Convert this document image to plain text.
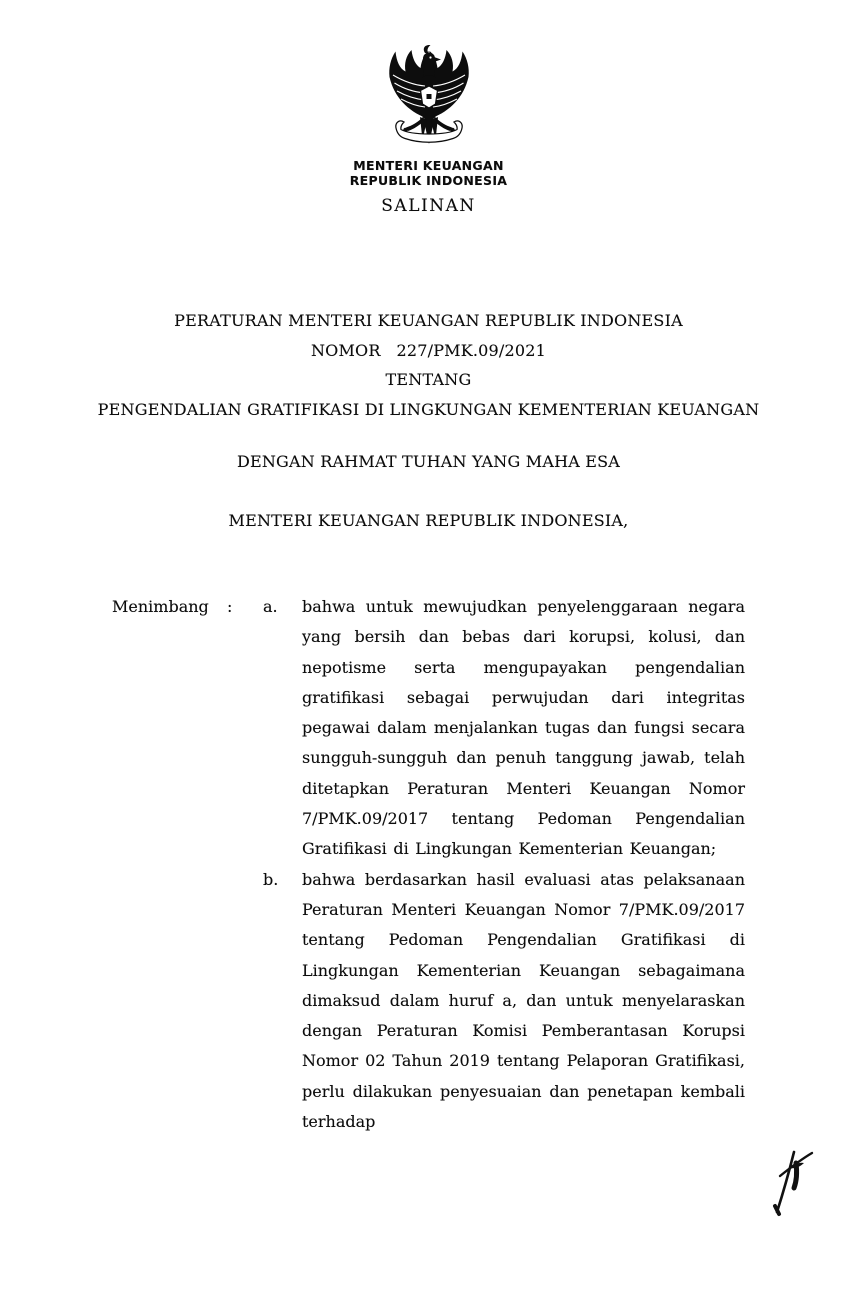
MENTERI KEUANGAN
REPUBLIK INDONESIA
SALINAN
PERATURAN MENTERI KEUANGAN REPUBLIK INDONESIA
NOMOR   227/PMK.09/2021
TENTANG
PENGENDALIAN GRATIFIKASI DI LINGKUNGAN KEMENTERIAN KEUANGAN
DENGAN RAHMAT TUHAN YANG MAHA ESA
MENTERI KEUANGAN REPUBLIK INDONESIA,
Menimbang	:	a.	bahwa untuk mewujudkan penyelenggaraan negara yang bersih dan bebas dari korupsi, kolusi, dan nepotisme serta mengupayakan pengendalian gratifikasi sebagai perwujudan dari integritas pegawai dalam menjalankan tugas dan fungsi secara sungguh-sungguh dan penuh tanggung jawab, telah ditetapkan Peraturan Menteri Keuangan Nomor 7/PMK.09/2017 tentang Pedoman Pengendalian Gratifikasi di Lingkungan Kementerian Keuangan;
b.	bahwa berdasarkan hasil evaluasi atas pelaksanaan Peraturan Menteri Keuangan Nomor 7/PMK.09/2017 tentang Pedoman Pengendalian Gratifikasi di Lingkungan Kementerian Keuangan sebagaimana dimaksud dalam huruf a, dan untuk menyelaraskan dengan Peraturan Komisi Pemberantasan Korupsi Nomor 02 Tahun 2019 tentang Pelaporan Gratifikasi, perlu dilakukan penyesuaian dan penetapan kembali terhadap
